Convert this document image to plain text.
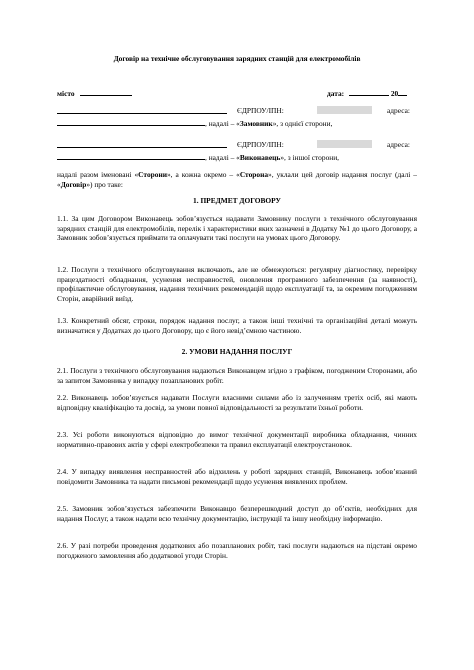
Договір на технічне обслуговування зарядних станцій для електромобілів
місто	дата:	20
ЄДРПОУ/ІПН:	адреса:
, надалі – «Замовник», з однієї сторони,
ЄДРПОУ/ІПН:	адреса:
, надалі – «Виконавець», з іншої сторони,
надалі разом іменовані «Сторони», а кожна окремо – «Сторона», уклали цей договір надання послуг (далі – «Договір») про таке:
1. ПРЕДМЕТ ДОГОВОРУ
1.1. За цим Договором Виконавець зобов’язується надавати Замовнику послуги з технічного обслуговування зарядних станцій для електромобілів, перелік і характеристики яких зазначені в Додатку №1 до цього Договору, а Замовник зобов’язується приймати та оплачувати такі послуги на умовах цього Договору.
1.2. Послуги з технічного обслуговування включають, але не обмежуються: регулярну діагностику, перевірку працездатності обладнання, усунення несправностей, оновлення програмного забезпечення (за наявності), профілактичне обслуговування, надання технічних рекомендацій щодо експлуатації та, за окремим погодженням Сторін, аварійний виїзд.
1.3. Конкретний обсяг, строки, порядок надання послуг, а також інші технічні та організаційні деталі можуть визначатися у Додатках до цього Договору, що є його невід’ємною частиною.
2. УМОВИ НАДАННЯ ПОСЛУГ
2.1. Послуги з технічного обслуговування надаються Виконавцем згідно з графіком, погодженим Сторонами, або за запитом Замовника у випадку позапланових робіт.
2.2. Виконавець зобов’язується надавати Послуги власними силами або із залученням третіх осіб, які мають відповідну кваліфікацію та досвід, за умови повної відповідальності за результати їхньої роботи.
2.3. Усі роботи виконуються відповідно до вимог технічної документації виробника обладнання, чинних нормативно-правових актів у сфері електробезпеки та правил експлуатації електроустановок.
2.4. У випадку виявлення несправностей або відхилень у роботі зарядних станцій, Виконавець зобов’язаний повідомити Замовника та надати письмові рекомендації щодо усунення виявлених проблем.
2.5. Замовник зобов’язується забезпечити Виконавцю безперешкодний доступ до об’єктів, необхідних для надання Послуг, а також надати всю технічну документацію, інструкції та іншу необхідну інформацію.
2.6. У разі потреби проведення додаткових або позапланових робіт, такі послуги надаються на підставі окремо погодженого замовлення або додаткової угоди Сторін.
